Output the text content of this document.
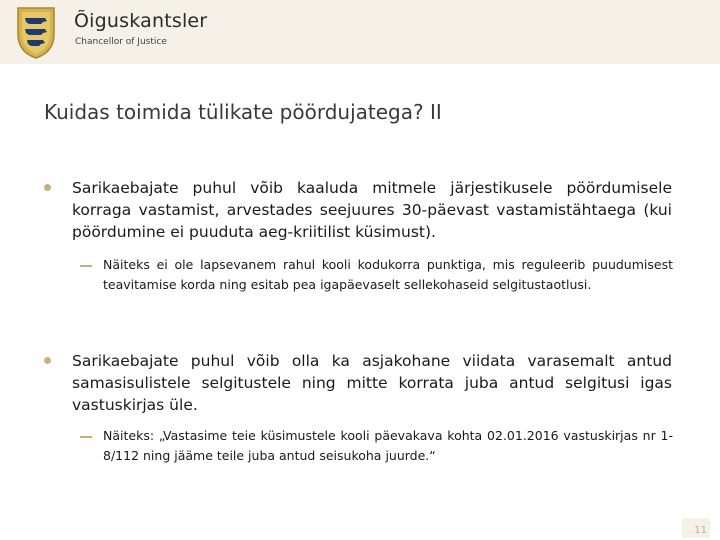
Õiguskantsler
Chancellor of Justice
Kuidas toimida tülikate pöördujatega? II
Sarikaebajate puhul võib kaaluda mitmele järjestikusele pöördumisele korraga vastamist, arvestades seejuures 30-päevast vastamistähtaega (kui pöördumine ei puuduta aeg-kriitilist küsimust).
Näiteks ei ole lapsevanem rahul kooli kodukorra punktiga, mis reguleerib puudumisest teavitamise korda ning esitab pea igapäevaselt sellekohaseid selgitustaotlusi.
Sarikaebajate puhul võib olla ka asjakohane viidata varasemalt antud samasisulistele selgitustele ning mitte korrata juba antud selgitusi igas vastuskirjas üle.
Näiteks: „Vastasime teie küsimustele kooli päevakava kohta 02.01.2016 vastuskirjas nr 1-8/112 ning jääme teile juba antud seisukoha juurde.“
11
